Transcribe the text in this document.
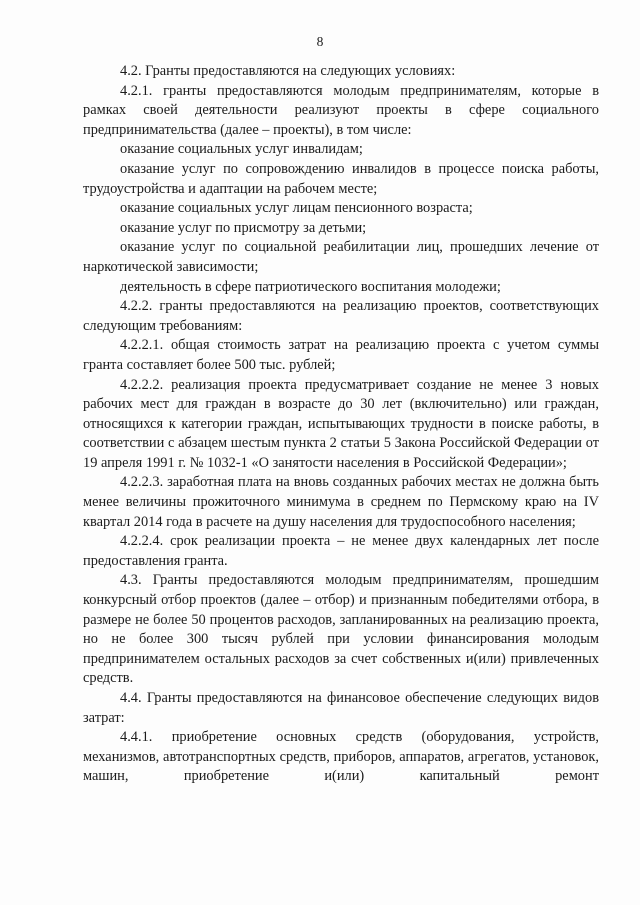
8

4.2. Гранты предоставляются на следующих условиях:

4.2.1. гранты предоставляются молодым предпринимателям, которые в рамках своей деятельности реализуют проекты в сфере социального предпринимательства (далее – проекты), в том числе:

оказание социальных услуг инвалидам;

оказание услуг по сопровождению инвалидов в процессе поиска работы, трудоустройства и адаптации на рабочем месте;

оказание социальных услуг лицам пенсионного возраста;

оказание услуг по присмотру за детьми;

оказание услуг по социальной реабилитации лиц, прошедших лечение от наркотической зависимости;

деятельность в сфере патриотического воспитания молодежи;

4.2.2. гранты предоставляются на реализацию проектов, соответствующих следующим требованиям:

4.2.2.1. общая стоимость затрат на реализацию проекта с учетом суммы гранта составляет более 500 тыс. рублей;

4.2.2.2. реализация проекта предусматривает создание не менее 3 новых рабочих мест для граждан в возрасте до 30 лет (включительно) или граждан, относящихся к категории граждан, испытывающих трудности в поиске работы, в соответствии с абзацем шестым пункта 2 статьи 5 Закона Российской Федерации от 19 апреля 1991 г. № 1032-1 «О занятости населения в Российской Федерации»;

4.2.2.3. заработная плата на вновь созданных рабочих местах не должна быть менее величины прожиточного минимума в среднем по Пермскому краю на IV квартал 2014 года в расчете на душу населения для трудоспособного населения;

4.2.2.4. срок реализации проекта – не менее двух календарных лет после предоставления гранта.

4.3. Гранты предоставляются молодым предпринимателям, прошедшим конкурсный отбор проектов (далее – отбор) и признанным победителями отбора, в размере не более 50 процентов расходов, запланированных на реализацию проекта, но не более 300 тысяч рублей при условии финансирования молодым предпринимателем остальных расходов за счет собственных и(или) привлеченных средств.

4.4. Гранты предоставляются на финансовое обеспечение следующих видов затрат:

4.4.1. приобретение основных средств (оборудования, устройств, механизмов, автотранспортных средств, приборов, аппаратов, агрегатов, установок, машин, приобретение и(или) капитальный ремонт
